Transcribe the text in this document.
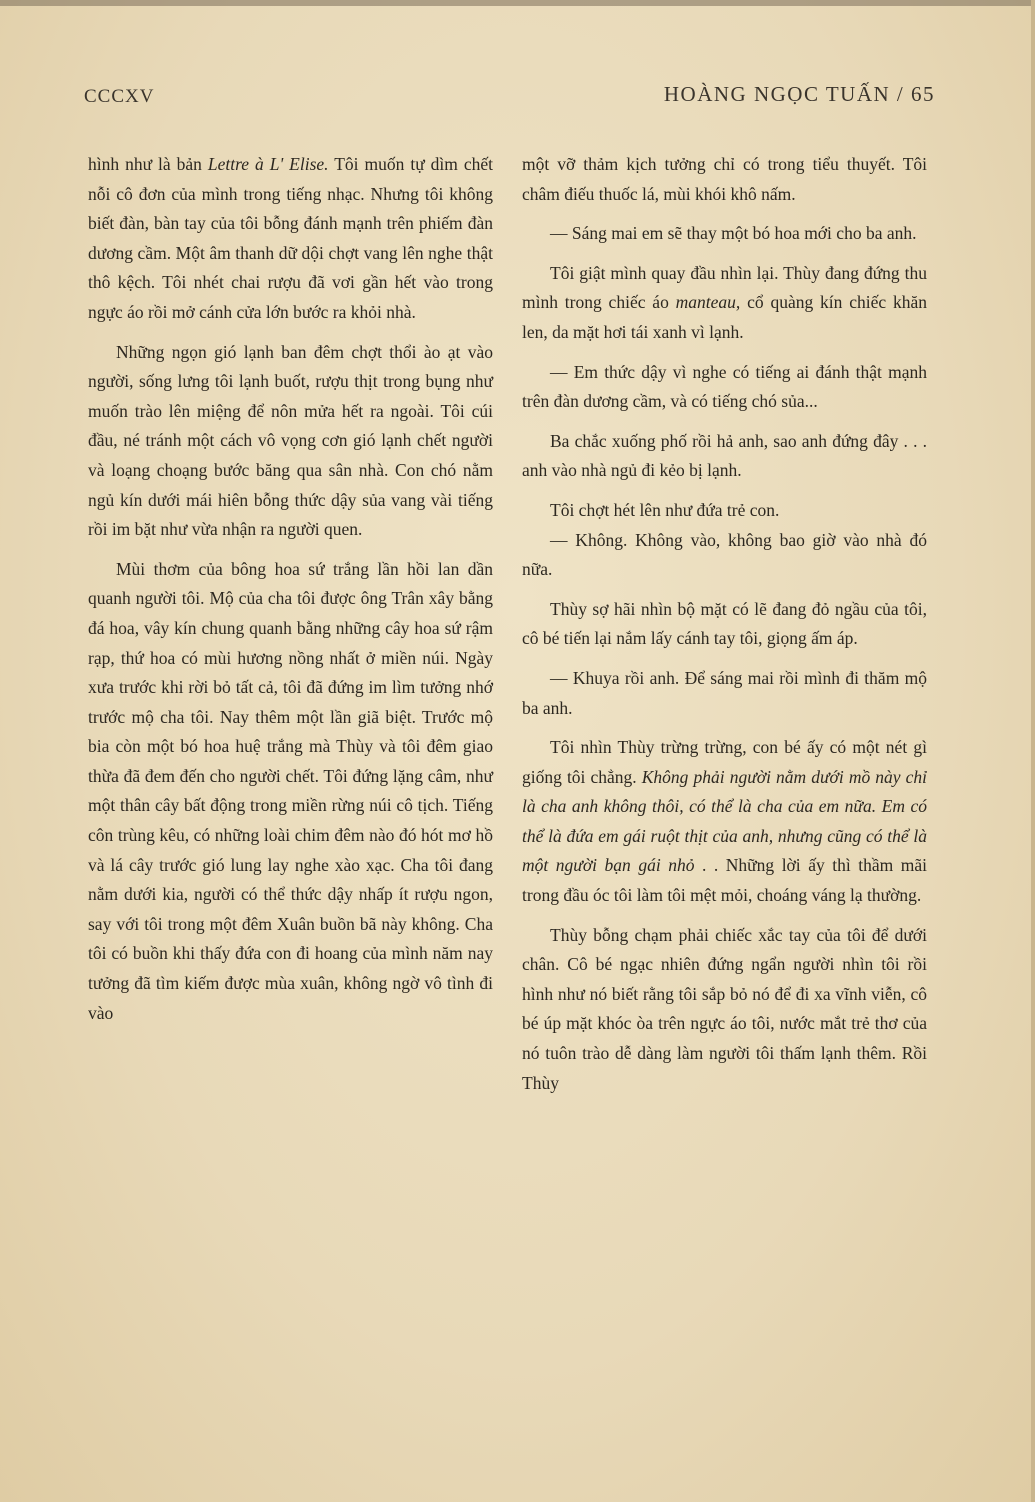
CCCXV	HOÀNG NGỌC TUẤN / 65

hình như là bản Lettre à L' Elise. Tôi muốn tự dìm chết nỗi cô đơn của mình trong tiếng nhạc. Nhưng tôi không biết đàn, bàn tay của tôi bỗng đánh mạnh trên phiếm đàn dương cầm. Một âm thanh dữ dội chợt vang lên nghe thật thô kệch. Tôi nhét chai rượu đã vơi gần hết vào trong ngực áo rồi mở cánh cửa lớn bước ra khỏi nhà.

Những ngọn gió lạnh ban đêm chợt thổi ào ạt vào người, sống lưng tôi lạnh buốt, rượu thịt trong bụng như muốn trào lên miệng để nôn mửa hết ra ngoài. Tôi cúi đầu, né tránh một cách vô vọng cơn gió lạnh chết người và loạng choạng bước băng qua sân nhà. Con chó nằm ngủ kín dưới mái hiên bỗng thức dậy sủa vang vài tiếng rồi im bặt như vừa nhận ra người quen.

Mùi thơm của bông hoa sứ trắng lần hồi lan dần quanh người tôi. Mộ của cha tôi được ông Trân xây bằng đá hoa, vây kín chung quanh bằng những cây hoa sứ rậm rạp, thứ hoa có mùi hương nồng nhất ở miền núi. Ngày xưa trước khi rời bỏ tất cả, tôi đã đứng im lìm tưởng nhớ trước mộ cha tôi. Nay thêm một lần giã biệt. Trước mộ bia còn một bó hoa huệ trắng mà Thùy và tôi đêm giao thừa đã đem đến cho người chết. Tôi đứng lặng câm, như một thân cây bất động trong miền rừng núi cô tịch. Tiếng côn trùng kêu, có những loài chim đêm nào đó hót mơ hồ và lá cây trước gió lung lay nghe xào xạc. Cha tôi đang nằm dưới kia, người có thể thức dậy nhấp ít rượu ngon, say với tôi trong một đêm Xuân buồn bã này không. Cha tôi có buồn khi thấy đứa con đi hoang của mình năm nay tưởng đã tìm kiếm được mùa xuân, không ngờ vô tình đi vào

một vỡ thảm kịch tưởng chỉ có trong tiểu thuyết. Tôi châm điếu thuốc lá, mùi khói khô nấm.

— Sáng mai em sẽ thay một bó hoa mới cho ba anh.

Tôi giật mình quay đầu nhìn lại. Thùy đang đứng thu mình trong chiếc áo manteau, cổ quàng kín chiếc khăn len, da mặt hơi tái xanh vì lạnh.

— Em thức dậy vì nghe có tiếng ai đánh thật mạnh trên đàn dương cầm, và có tiếng chó sủa...

Ba chắc xuống phố rồi hả anh, sao anh đứng đây . . . anh vào nhà ngủ đi kẻo bị lạnh.

Tôi chợt hét lên như đứa trẻ con.

— Không. Không vào, không bao giờ vào nhà đó nữa.

Thùy sợ hãi nhìn bộ mặt có lẽ đang đỏ ngầu của tôi, cô bé tiến lại nắm lấy cánh tay tôi, giọng ấm áp.

— Khuya rồi anh. Để sáng mai rồi mình đi thăm mộ ba anh.

Tôi nhìn Thùy trừng trừng, con bé ấy có một nét gì giống tôi chẳng. Không phải người nằm dưới mồ này chỉ là cha anh không thôi, có thể là cha của em nữa. Em có thể là đứa em gái ruột thịt của anh, nhưng cũng có thể là một người bạn gái nhỏ . . Những lời ấy thì thầm mãi trong đầu óc tôi làm tôi mệt mỏi, choáng váng lạ thường.

Thùy bỗng chạm phải chiếc xắc tay của tôi để dưới chân. Cô bé ngạc nhiên đứng ngẩn người nhìn tôi rồi hình như nó biết rằng tôi sắp bỏ nó để đi xa vĩnh viễn, cô bé úp mặt khóc òa trên ngực áo tôi, nước mắt trẻ thơ của nó tuôn trào dễ dàng làm người tôi thấm lạnh thêm. Rồi Thùy
